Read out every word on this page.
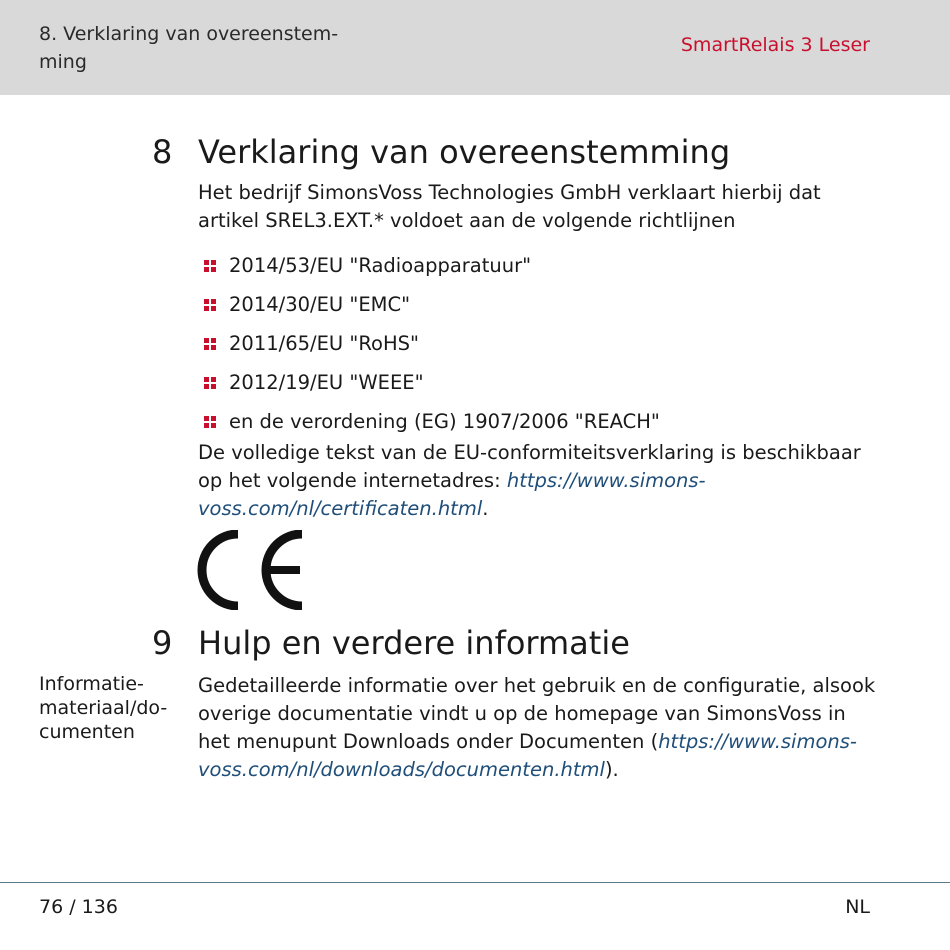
8. Verklaring van overeenstem- ming
SmartRelais 3 Leser
8 Verklaring van overeenstemming
Het bedrijf SimonsVoss Technologies GmbH verklaart hierbij dat artikel SREL3.EXT.* voldoet aan de volgende richtlijnen
2014/53/EU "Radioapparatuur"
2014/30/EU "EMC"
2011/65/EU "RoHS"
2012/19/EU "WEEE"
en de verordening (EG) 1907/2006 "REACH"
De volledige tekst van de EU-conformiteitsverklaring is beschikbaar op het volgende internetadres: https://www.simons-voss.com/nl/certificaten.html.
9 Hulp en verdere informatie
Informatie- materiaal/do- cumenten
Gedetailleerde informatie over het gebruik en de configuratie, alsook overige documentatie vindt u op de homepage van SimonsVoss in het menupunt Downloads onder Documenten (https://www.simons-voss.com/nl/downloads/documenten.html).
76 / 136	NL
